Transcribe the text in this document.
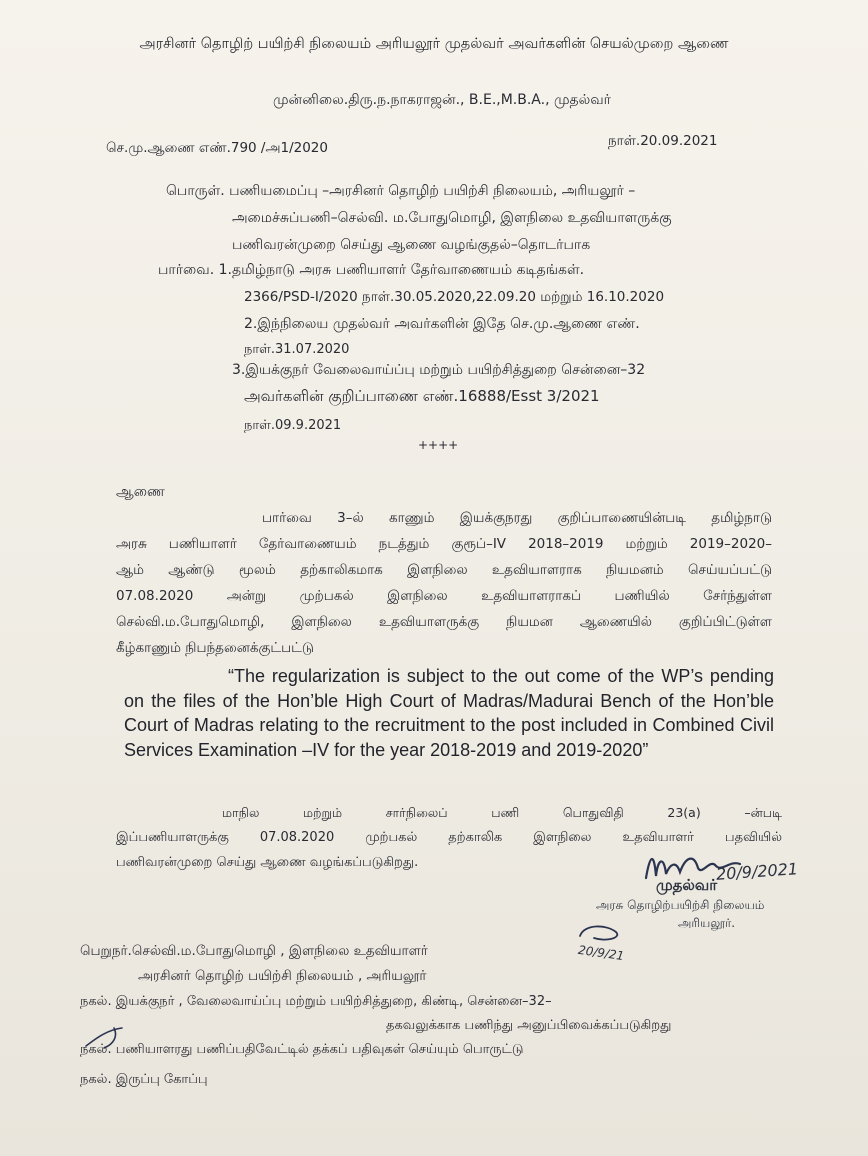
அரசினர் தொழிற் பயிற்சி நிலையம் அரியலூர் முதல்வர் அவர்களின் செயல்முறை ஆணை
முன்னிலை.திரு.ந.நாகராஜன்., B.E.,M.B.A., முதல்வர்
செ.மு.ஆணை எண்.790 /அ1/2020	நாள்.20.09.2021
பொருள். பணியமைப்பு –அரசினர் தொழிற் பயிற்சி நிலையம், அரியலூர் –
அமைச்சுப்பணி–செல்வி. ம.போதுமொழி, இளநிலை உதவியாளருக்கு
பணிவரன்முறை செய்து ஆணை வழங்குதல்–தொடர்பாக
பார்வை. 1.தமிழ்நாடு அரசு பணியாளர் தேர்வாணையம் கடிதங்கள்.
2366/PSD-I/2020 நாள்.30.05.2020,22.09.20 மற்றும் 16.10.2020
2.இந்நிலைய முதல்வர் அவர்களின் இதே செ.மு.ஆணை எண்.
நாள்.31.07.2020
3.இயக்குநர் வேலைவாய்ப்பு மற்றும் பயிற்சித்துறை சென்னை–32
அவர்களின் குறிப்பாணை எண்.16888/Esst 3/2021
நாள்.09.9.2021
++++
ஆணை
பார்வை 3–ல் காணும் இயக்குநரது குறிப்பாணையின்படி தமிழ்நாடு
அரசு பணியாளர் தேர்வாணையம் நடத்தும் குரூப்–IV 2018–2019 மற்றும் 2019–2020–
ஆம் ஆண்டு மூலம் தற்காலிகமாக இளநிலை உதவியாளராக நியமனம் செய்யப்பட்டு
07.08.2020 அன்று முற்பகல் இளநிலை உதவியாளராகப் பணியில் சேர்ந்துள்ள
செல்வி.ம.போதுமொழி, இளநிலை உதவியாளருக்கு நியமன ஆணையில் குறிப்பிட்டுள்ள
கீழ்காணும் நிபந்தனைக்குட்பட்டு
“The regularization is subject to the out come of the WP’s pending on the files of the Hon’ble High Court of Madras/Madurai Bench of the Hon’ble Court of Madras relating to the recruitment to the post included in Combined Civil Services Examination –IV for the year 2018-2019 and 2019-2020”
மாநில மற்றும் சார்நிலைப் பணி பொதுவிதி 23(a) –ன்படி
இப்பணியாளருக்கு 07.08.2020 முற்பகல் தற்காலிக இளநிலை உதவியாளர் பதவியில்
பணிவரன்முறை செய்து ஆணை வழங்கப்படுகிறது.	20/9/2021
முதல்வர்
அரசு தொழிற்பயிற்சி நிலையம்
அரியலூர்.
20/9/21
பெறுநர்.செல்வி.ம.போதுமொழி , இளநிலை உதவியாளர்
அரசினர் தொழிற் பயிற்சி நிலையம் , அரியலூர்
நகல். இயக்குநர் , வேலைவாய்ப்பு மற்றும் பயிற்சித்துறை, கிண்டி, சென்னை–32–
தகவலுக்காக பணிந்து அனுப்பிவைக்கப்படுகிறது
நகல். பணியாளரது பணிப்பதிவேட்டில் தக்கப் பதிவுகள் செய்யும் பொருட்டு
நகல். இருப்பு கோப்பு
